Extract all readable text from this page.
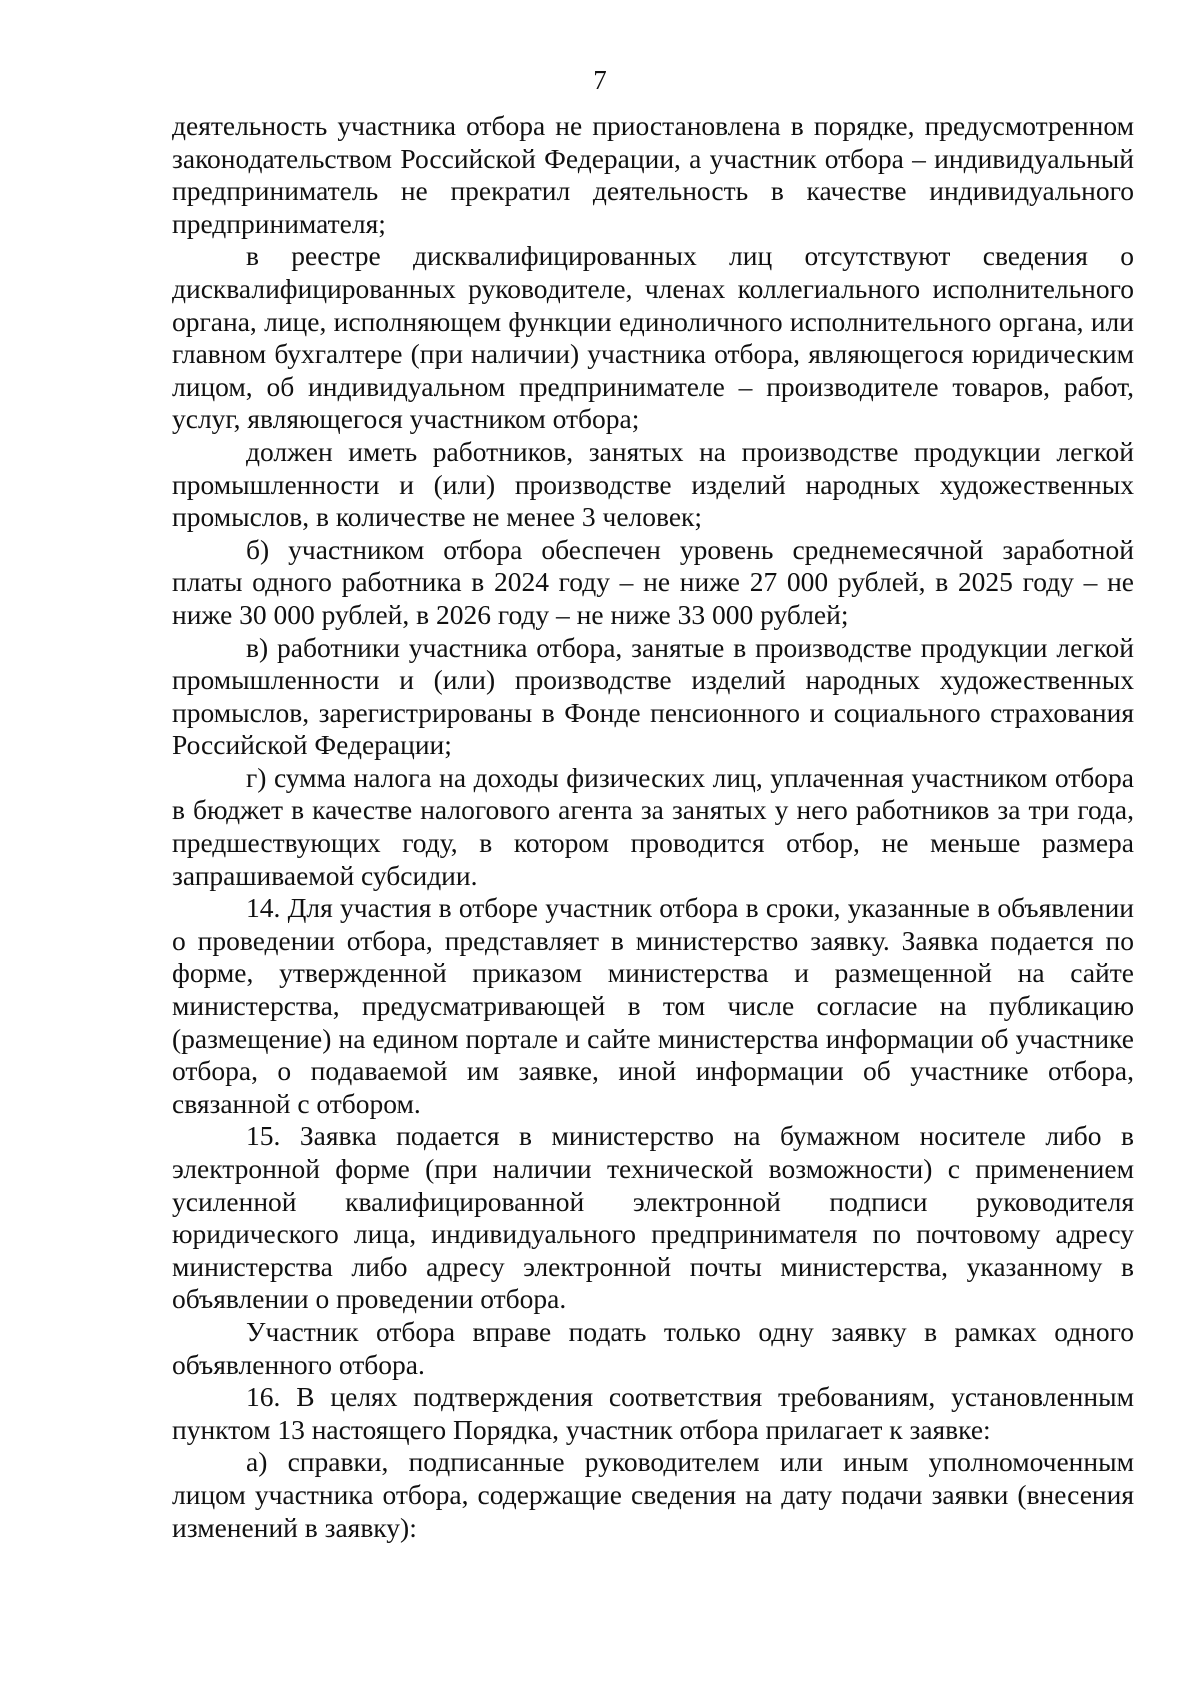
7

деятельность участника отбора не приостановлена в порядке, предусмотренном законодательством Российской Федерации, а участник отбора – индивидуальный предприниматель не прекратил деятельность в качестве индивидуального предпринимателя;

в реестре дисквалифицированных лиц отсутствуют сведения о дисквалифицированных руководителе, членах коллегиального исполнительного органа, лице, исполняющем функции единоличного исполнительного органа, или главном бухгалтере (при наличии) участника отбора, являющегося юридическим лицом, об индивидуальном предпринимателе – производителе товаров, работ, услуг, являющегося участником отбора;

должен иметь работников, занятых на производстве продукции легкой промышленности и (или) производстве изделий народных художественных промыслов, в количестве не менее 3 человек;

б) участником отбора обеспечен уровень среднемесячной заработной платы одного работника в 2024 году – не ниже 27 000 рублей, в 2025 году – не ниже 30 000 рублей, в 2026 году – не ниже 33 000 рублей;

в) работники участника отбора, занятые в производстве продукции легкой промышленности и (или) производстве изделий народных художественных промыслов, зарегистрированы в Фонде пенсионного и социального страхования Российской Федерации;

г) сумма налога на доходы физических лиц, уплаченная участником отбора в бюджет в качестве налогового агента за занятых у него работников за три года, предшествующих году, в котором проводится отбор, не меньше размера запрашиваемой субсидии.

14. Для участия в отборе участник отбора в сроки, указанные в объявлении о проведении отбора, представляет в министерство заявку. Заявка подается по форме, утвержденной приказом министерства и размещенной на сайте министерства, предусматривающей в том числе согласие на публикацию (размещение) на едином портале и сайте министерства информации об участнике отбора, о подаваемой им заявке, иной информации об участнике отбора, связанной с отбором.

15. Заявка подается в министерство на бумажном носителе либо в электронной форме (при наличии технической возможности) с применением усиленной квалифицированной электронной подписи руководителя юридического лица, индивидуального предпринимателя по почтовому адресу министерства либо адресу электронной почты министерства, указанному в объявлении о проведении отбора.

Участник отбора вправе подать только одну заявку в рамках одного объявленного отбора.

16. В целях подтверждения соответствия требованиям, установленным пунктом 13 настоящего Порядка, участник отбора прилагает к заявке:

а) справки, подписанные руководителем или иным уполномоченным лицом участника отбора, содержащие сведения на дату подачи заявки (внесения изменений в заявку):
